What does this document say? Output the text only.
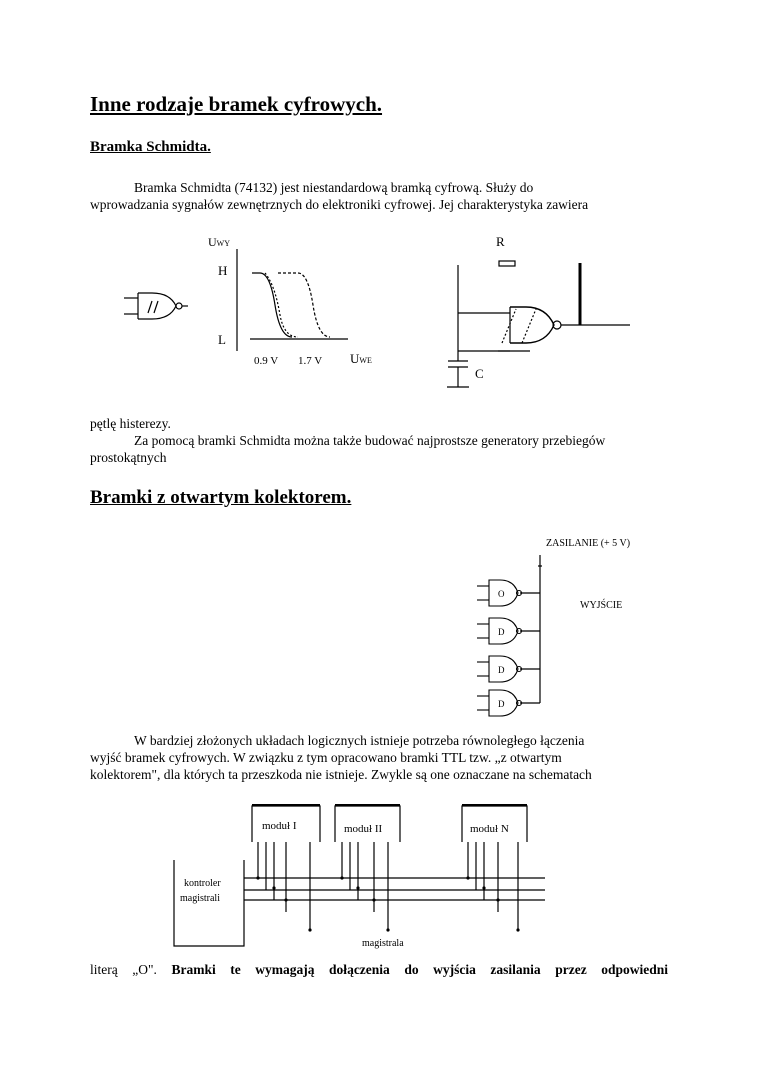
Inne rodzaje bramek cyfrowych.
Bramka Schmidta.
Bramka Schmidta (74132) jest niestandardową bramką cyfrową. Służy do
wprowadzania sygnałów zewnętrznych do elektroniki cyfrowej. Jej charakterystyka zawiera
UWY
H
L
0.9 V 1.7 V UWE
R
C
pętlę histerezy.
Za pomocą bramki Schmidta można także budować najprostsze generatory przebiegów
prostokątnych
Bramki z otwartym kolektorem.
ZASILANIE (+ 5 V)
WYJŚCIE
O
D
D
D
W bardziej złożonych układach logicznych istnieje potrzeba równoległego łączenia
wyjść bramek cyfrowych. W związku z tym opracowano bramki TTL tzw. „z otwartym
kolektorem", dla których ta przeszkoda nie istnieje. Zwykle są one oznaczane na schematach
moduł I	moduł II	moduł N
kontroler
magistrali
magistrala
literą „O". Bramki te wymagają dołączenia do wyjścia zasilania przez odpowiedni
